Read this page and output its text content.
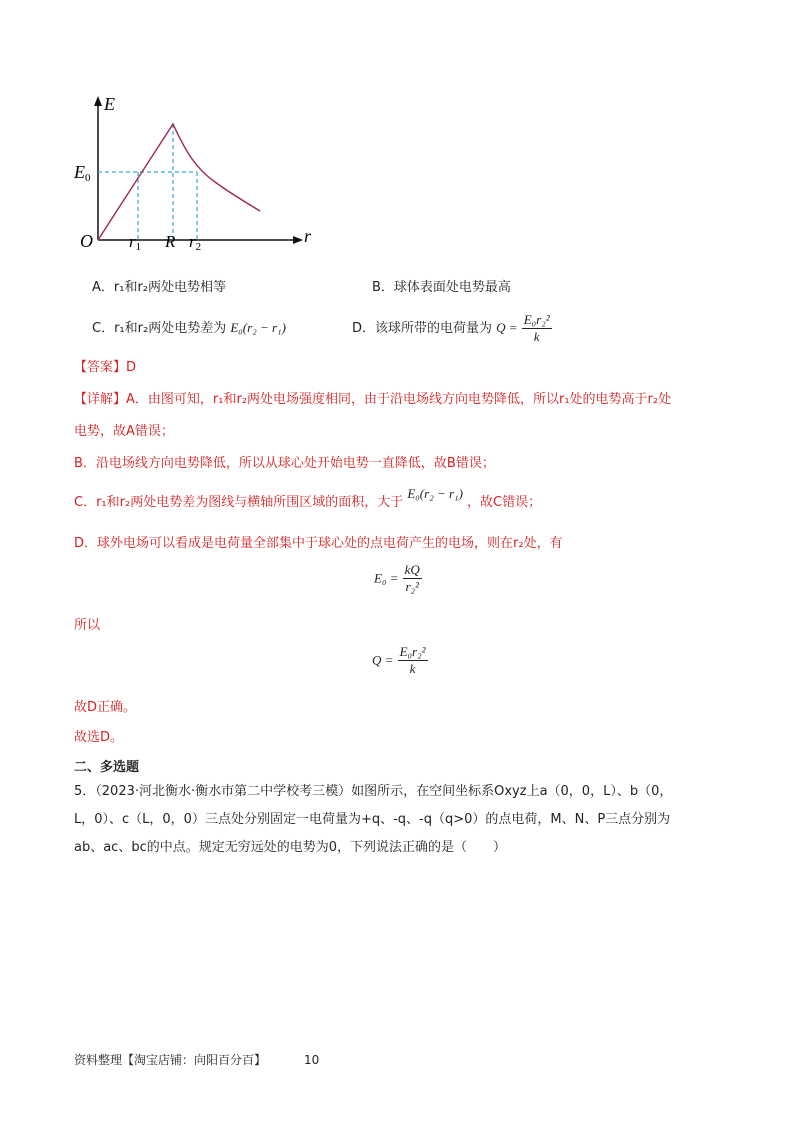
E
E0
O r1 R r2
r
A．r₁和r₂两处电势相等	B．球体表面处电势最高
C．r₁和r₂两处电势差为 E₀(r₂ − r₁)	D．该球所带的电荷量为 $Q = \frac{\text{E₀r₂²}}{k}$
【答案】D
【详解】A．由图可知，r₁和r₂两处电场强度相同，由于沿电场线方向电势降低，所以r₁处的电势高于r₂处
电势，故A错误；
B．沿电场线方向电势降低，所以从球心处开始电势一直降低，故B错误；
C．r₁和r₂两处电势差为图线与横轴所围区域的面积，大于 E₀(r₂ − r₁) ，故C错误；
D．球外电场可以看成是电荷量全部集中于球心处的点电荷产生的电场，则在r₂处，有
$E_0 = \frac{kQ}{\text{r₂²}}$
所以
$Q = \frac{\text{E₀r₂²}}{k}$
故D正确。
故选D。
二、多选题
5．（2023·河北衡水·衡水市第二中学校考三模）如图所示，在空间坐标系Oxyz上a（0，0，L）、b（0，
L，0）、c（L，0，0）三点处分别固定一电荷量为+q、-q、-q（q>0）的点电荷，M、N、P三点分别为
ab、ac、bc的中点。规定无穷远处的电势为0，下列说法正确的是（　　）
资料整理【淘宝店铺：向阳百分百】	10
